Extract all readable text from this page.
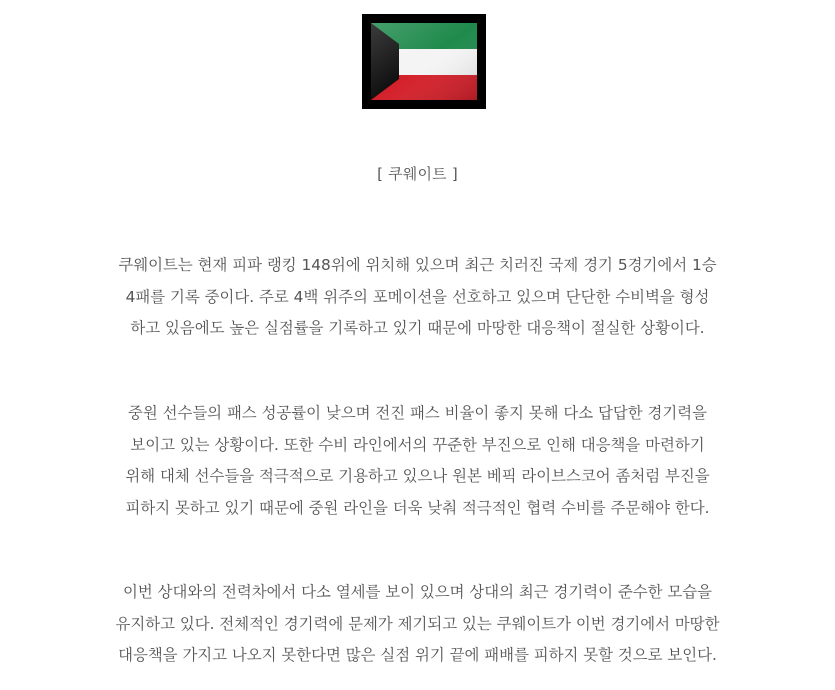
[ 쿠웨이트 ]

쿠웨이트는 현재 피파 랭킹 148위에 위치해 있으며 최근 치러진 국제 경기 5경기에서 1승
4패를 기록 중이다. 주로 4백 위주의 포메이션을 선호하고 있으며 단단한 수비벽을 형성
하고 있음에도 높은 실점률을 기록하고 있기 때문에 마땅한 대응책이 절실한 상황이다.

중원 선수들의 패스 성공률이 낮으며 전진 패스 비율이 좋지 못해 다소 답답한 경기력을
보이고 있는 상황이다. 또한 수비 라인에서의 꾸준한 부진으로 인해 대응책을 마련하기
위해 대체 선수들을 적극적으로 기용하고 있으나 원본 베픽 라이브스코어 좀처럼 부진을
피하지 못하고 있기 때문에 중원 라인을 더욱 낮춰 적극적인 협력 수비를 주문해야 한다.

이번 상대와의 전력차에서 다소 열세를 보이 있으며 상대의 최근 경기력이 준수한 모습을
유지하고 있다. 전체적인 경기력에 문제가 제기되고 있는 쿠웨이트가 이번 경기에서 마땅한
대응책을 가지고 나오지 못한다면 많은 실점 위기 끝에 패배를 피하지 못할 것으로 보인다.
